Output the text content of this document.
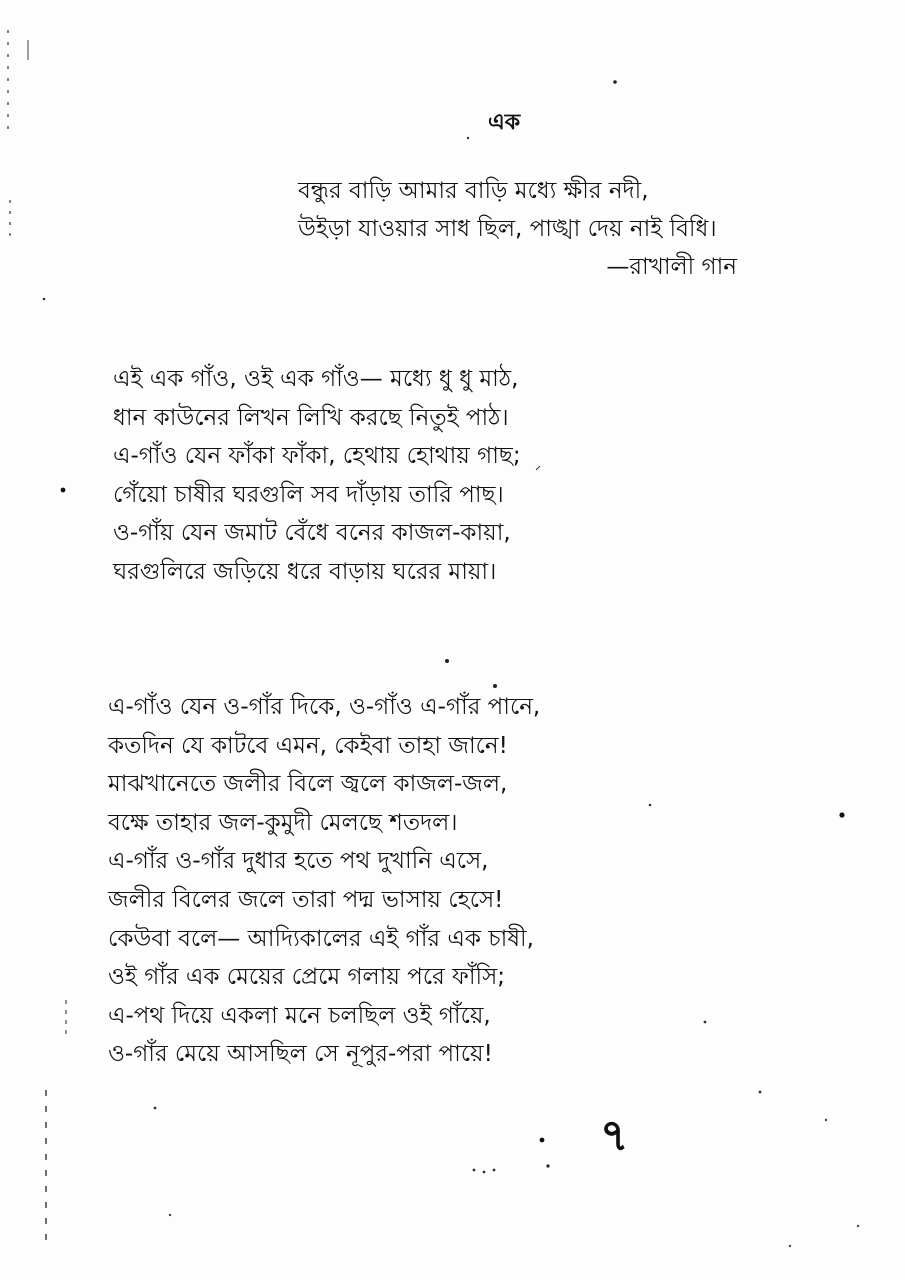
এক
বন্ধুর বাড়ি আমার বাড়ি মধ্যে ক্ষীর নদী,
উইড়া যাওয়ার সাধ ছিল, পাঙ্খা দেয় নাই বিধি।
—রাখালী গান
এই এক গাঁও, ওই এক গাঁও— মধ্যে ধু ধু মাঠ,
ধান কাউনের লিখন লিখি করছে নিতুই পাঠ।
এ-গাঁও যেন ফাঁকা ফাঁকা, হেথায় হোথায় গাছ;
গেঁয়ো চাষীর ঘরগুলি সব দাঁড়ায় তারি পাছ।
ও-গাঁয় যেন জমাট বেঁধে বনের কাজল-কায়া,
ঘরগুলিরে জড়িয়ে ধরে বাড়ায় ঘরের মায়া।
এ-গাঁও যেন ও-গাঁর দিকে, ও-গাঁও এ-গাঁর পানে,
কতদিন যে কাটবে এমন, কেইবা তাহা জানে!
মাঝখানেতে জলীর বিলে জ্বলে কাজল-জল,
বক্ষে তাহার জল-কুমুদী মেলছে শতদল।
এ-গাঁর ও-গাঁর দুধার হতে পথ দুখানি এসে,
জলীর বিলের জলে তারা পদ্ম ভাসায় হেসে!
কেউবা বলে— আদ্যিকালের এই গাঁর এক চাষী,
ওই গাঁর এক মেয়ের প্রেমে গলায় পরে ফাঁসি;
এ-পথ দিয়ে একলা মনে চলছিল ওই গাঁয়ে,
ও-গাঁর মেয়ে আসছিল সে নূপুর-পরা পায়ে!
৭
